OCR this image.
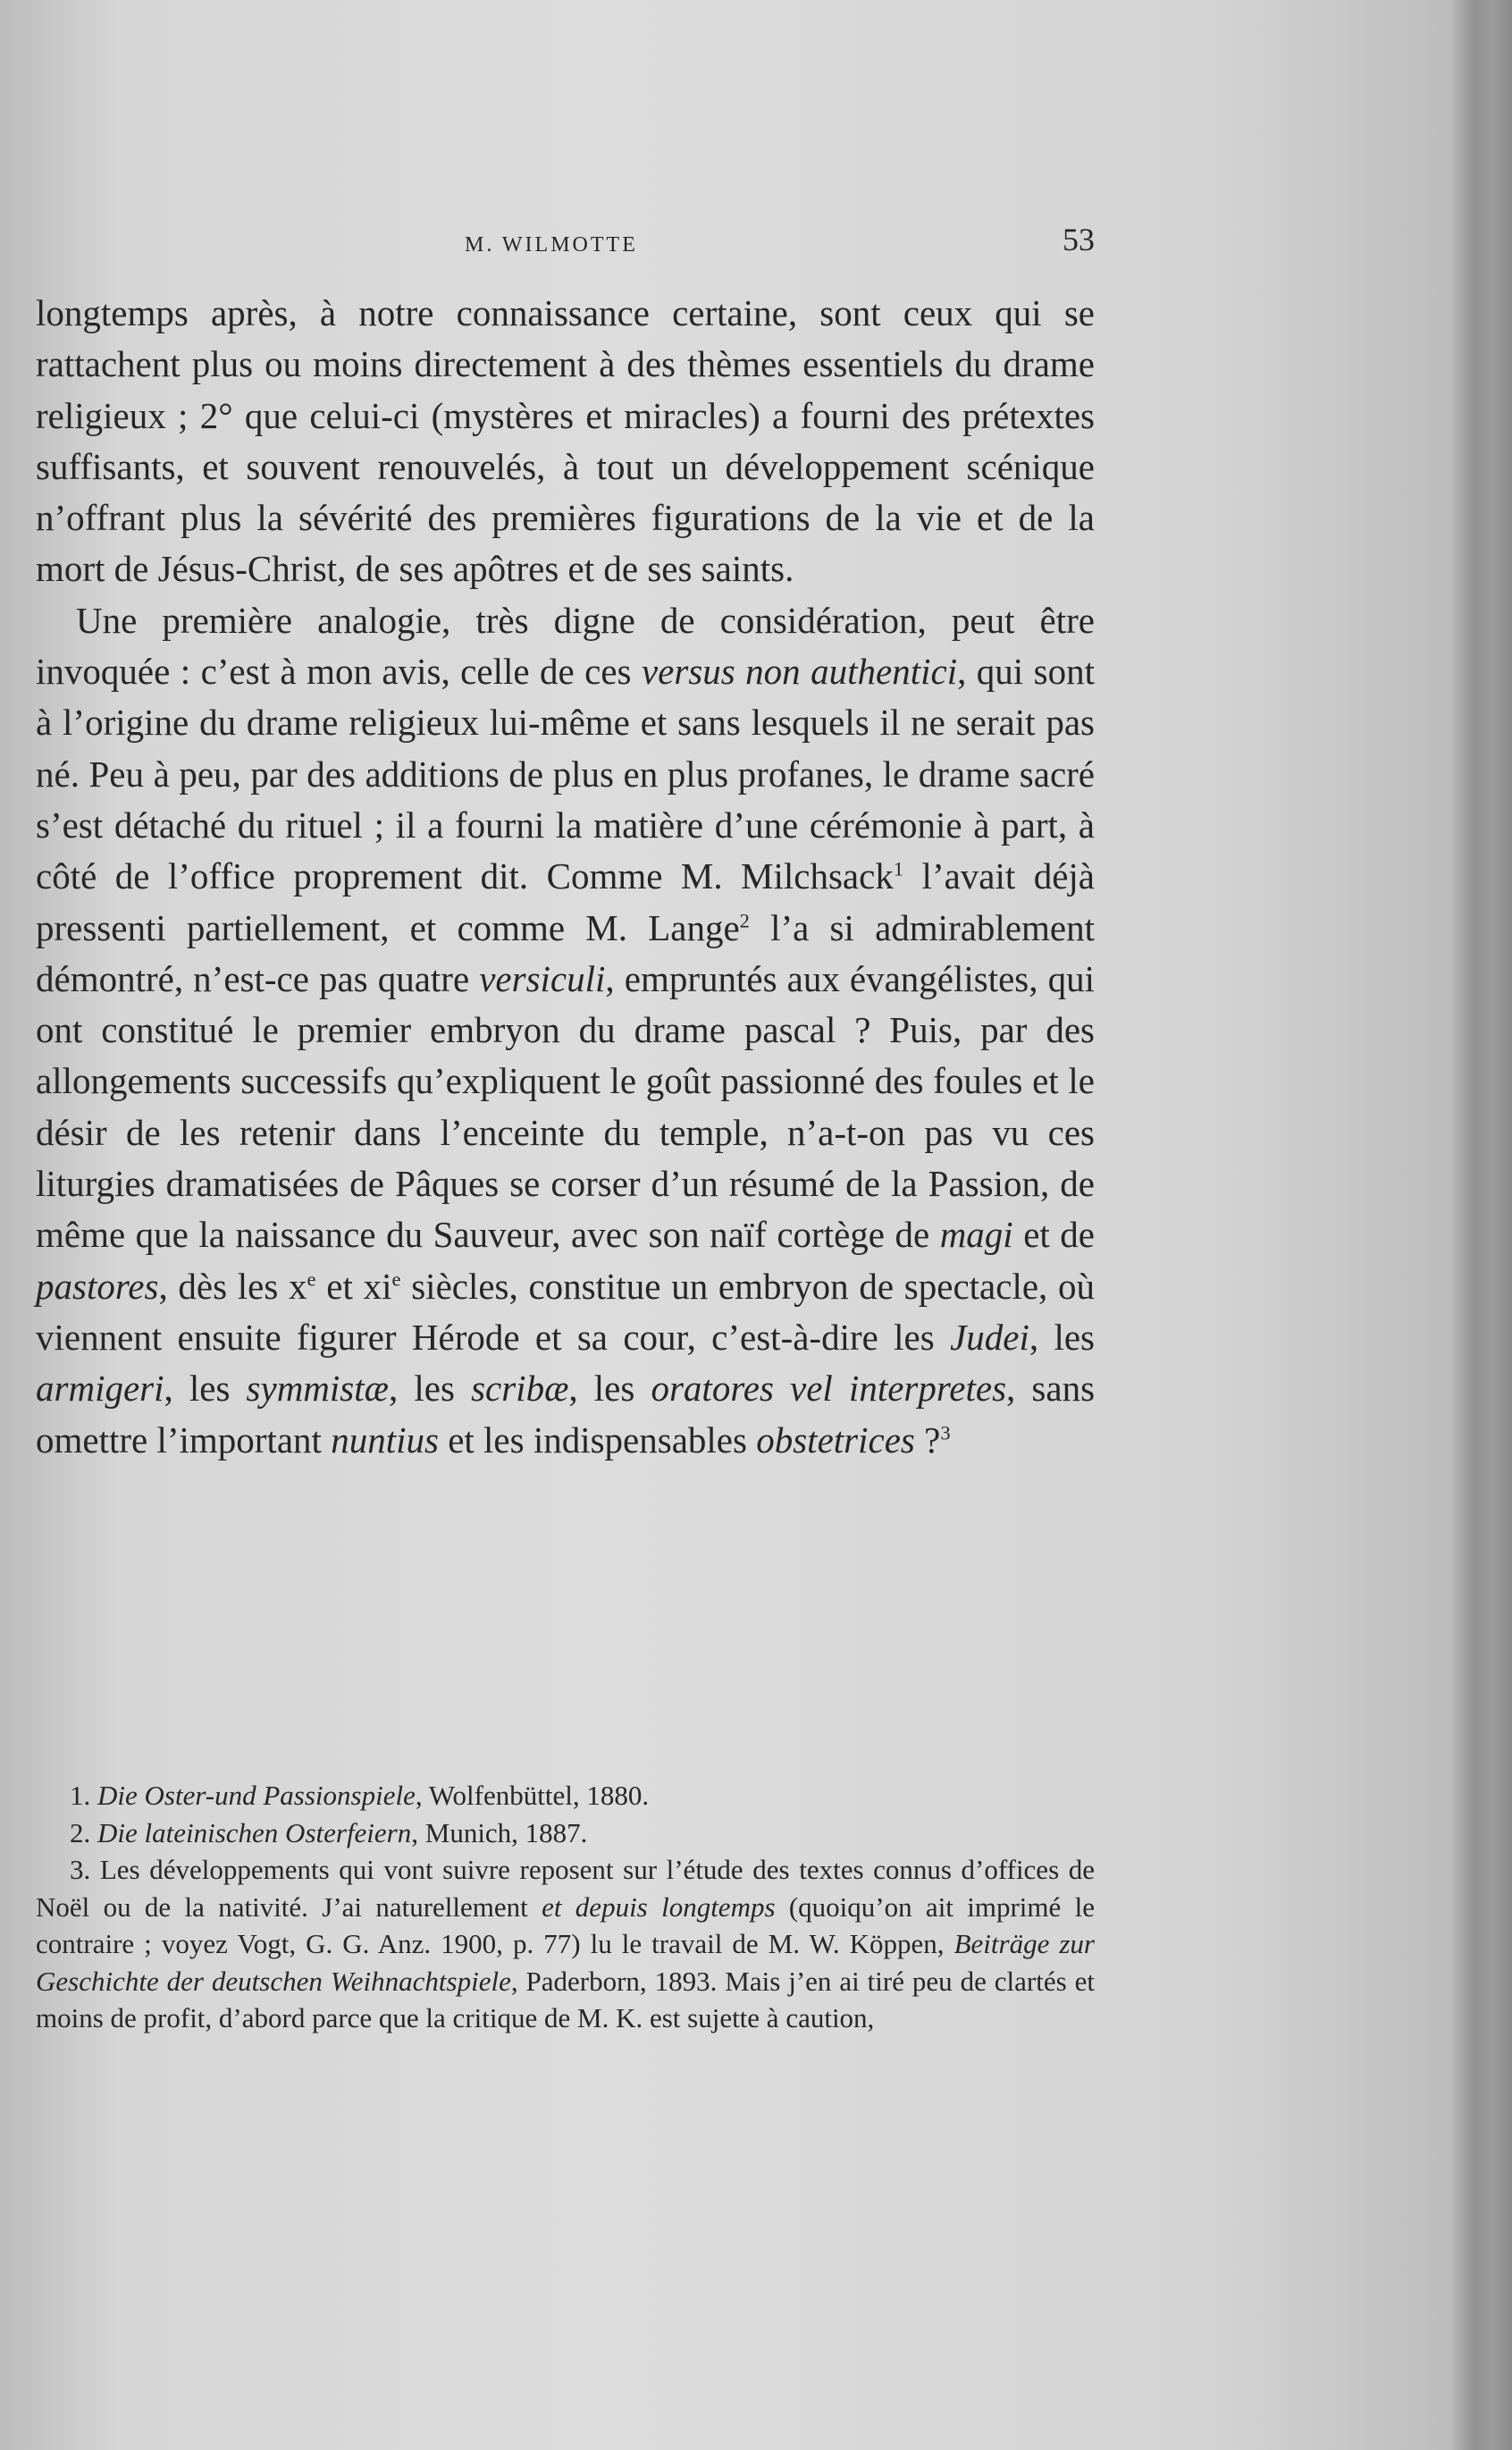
M. WILMOTTE	53

longtemps après, à notre connaissance certaine, sont ceux qui se rattachent plus ou moins directement à des thèmes essentiels du drame religieux ; 2° que celui-ci (mystères et miracles) a fourni des prétextes suffisants, et souvent renouvelés, à tout un développement scénique n’offrant plus la sévérité des premières figurations de la vie et de la mort de Jésus-Christ, de ses apôtres et de ses saints.

Une première analogie, très digne de considération, peut être invoquée : c’est à mon avis, celle de ces versus non authentici, qui sont à l’origine du drame religieux lui-même et sans lesquels il ne serait pas né. Peu à peu, par des additions de plus en plus profanes, le drame sacré s’est détaché du rituel ; il a fourni la matière d’une cérémonie à part, à côté de l’office proprement dit. Comme M. Milchsack$^1$ l’avait déjà pressenti partiellement, et comme M. Lange$^2$ l’a si admirablement démontré, n’est-ce pas quatre versiculi, empruntés aux évangélistes, qui ont constitué le premier embryon du drame pascal ? Puis, par des allongements successifs qu’expliquent le goût passionné des foules et le désir de les retenir dans l’enceinte du temple, n’a-t-on pas vu ces liturgies dramatisées de Pâques se corser d’un résumé de la Passion, de même que la naissance du Sauveur, avec son naïf cortège de magi et de pastores, dès les $x^e$ et $xi^e$ siècles, constitue un embryon de spectacle, où viennent ensuite figurer Hérode et sa cour, c’est-à-dire les Judei, les armigeri, les symmistæ, les scribæ, les oratores vel interpretes, sans omettre l’important nuntius et les indispensables obstetrices ?$^3$

1. Die Oster-und Passionspiele, Wolfenbüttel, 1880.

2. Die lateinischen Osterfeiern, Munich, 1887.

3. Les développements qui vont suivre reposent sur l’étude des textes connus d’offices de Noël ou de la nativité. J’ai naturellement et depuis longtemps (quoiqu’on ait imprimé le contraire ; voyez Vogt, G. G. Anz. 1900, p. 77) lu le travail de M. W. Köppen, Beiträge zur Geschichte der deutschen Weihnachtspiele, Paderborn, 1893. Mais j’en ai tiré peu de clartés et moins de profit, d’abord parce que la critique de M. K. est sujette à caution,
